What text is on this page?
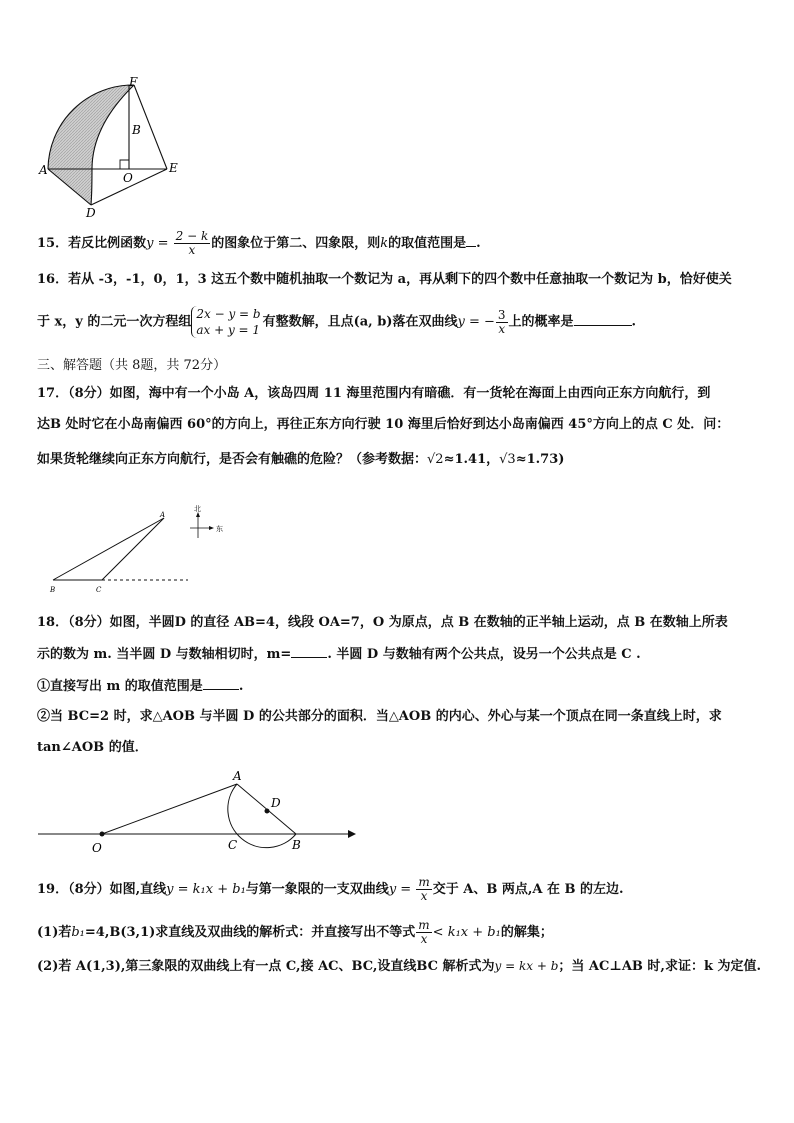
F
B
A
O
E
D
15．若反比例函数$y = \frac{2 - k}{x}$ 的图象位于第二、四象限，则k的取值范围是 .
16．若从 -3，-1，0，1，3 这五个数中随机抽取一个数记为 a，再从剩下的四个数中任意抽取一个数记为 b，恰好使关
于 x，y 的二元一次方程组
2x − y = b
ax + y = 1
有整数解，且点(a, b)落在双曲线y = − $\frac{3}{x}$ 上的概率是	.
三、解答题（共 8题，共 72分）
17．（8分）如图，海中有一个小岛 A，该岛四周 11 海里范围内有暗礁．有一货轮在海面上由西向正东方向航行，到
达B 处时它在小岛南偏西 60°的方向上，再往正东方向行驶 10 海里后恰好到达小岛南偏西 45°方向上的点 C 处．问：
如果货轮继续向正东方向航行，是否会有触礁的危险？（参考数据：√2≈1.41，√3≈1.73)
A
B	C
北
东
18．（8分）如图，半圆D 的直径 AB=4，线段 OA=7，O 为原点，点 B 在数轴的正半轴上运动，点 B 在数轴上所表
示的数为 m. 当半圆 D 与数轴相切时，m=	. 半圆 D 与数轴有两个公共点，设另一个公共点是 C .
①直接写出 m 的取值范围是	.
②当 BC=2 时，求△AOB 与半圆 D 的公共部分的面积．当△AOB 的内心、外心与某一个顶点在同一条直线上时，求
tan∠AOB 的值．
A
D
O	C	B
19．（8分）如图,直线y = k₁x + b₁与第一象限的一支双曲线$y = \frac{m}{x}$ 交于 A、B 两点,A 在 B 的左边.
(1)若b₁=4,B(3,1)求直线及双曲线的解析式：并直接写出不等式 $\frac{m}{x} < k_1x + b_1$的解集；
(2)若 A(1,3),第三象限的双曲线上有一点 C,接 AC、BC,设直线BC 解析式为y = kx + b；当 AC⊥AB 时,求证：k 为定值.
